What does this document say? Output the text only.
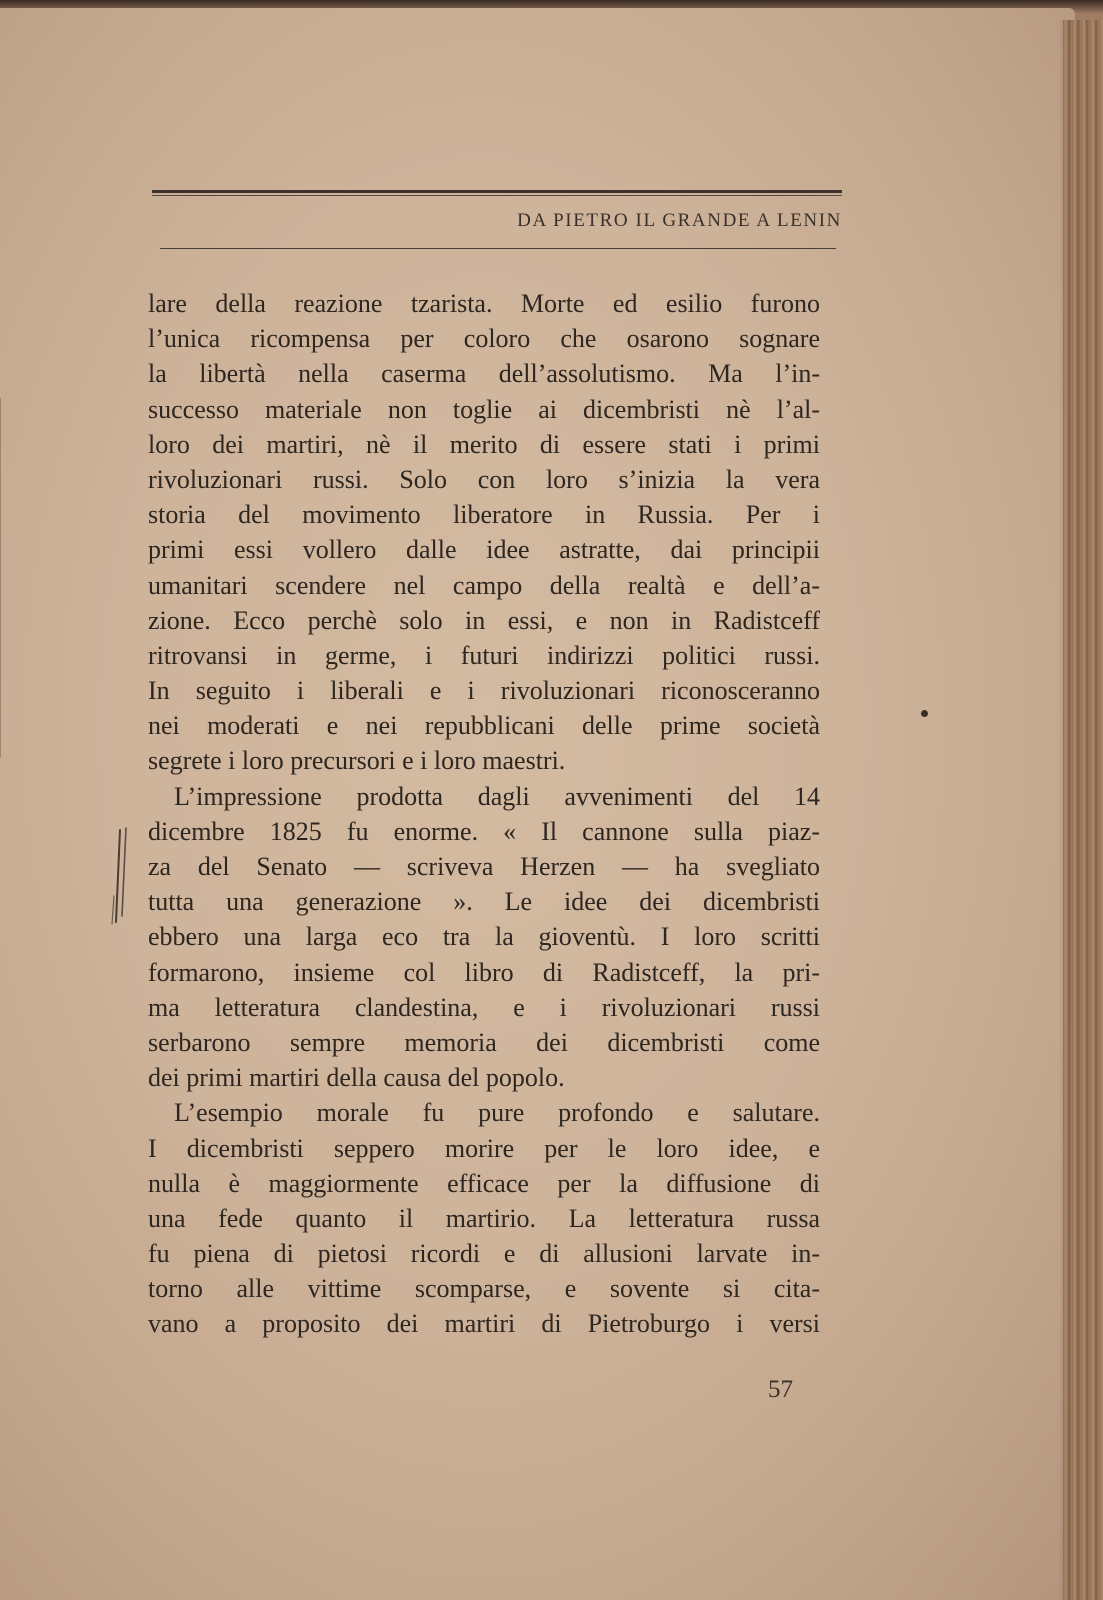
DA PIETRO IL GRANDE A LENIN
lare della reazione tzarista. Morte ed esilio furono
l’unica ricompensa per coloro che osarono sognare
la libertà nella caserma dell’assolutismo. Ma l’in-
successo materiale non toglie ai dicembristi nè l’al-
loro dei martiri, nè il merito di essere stati i primi
rivoluzionari russi. Solo con loro s’inizia la vera
storia del movimento liberatore in Russia. Per i
primi essi vollero dalle idee astratte, dai principii
umanitari scendere nel campo della realtà e dell’a-
zione. Ecco perchè solo in essi, e non in Radistceff
ritrovansi in germe, i futuri indirizzi politici russi.
In seguito i liberali e i rivoluzionari riconosceranno
nei moderati e nei repubblicani delle prime società
segrete i loro precursori e i loro maestri.
L’impressione prodotta dagli avvenimenti del 14
dicembre 1825 fu enorme. « Il cannone sulla piaz-
za del Senato — scriveva Herzen — ha svegliato
tutta una generazione ». Le idee dei dicembristi
ebbero una larga eco tra la gioventù. I loro scritti
formarono, insieme col libro di Radistceff, la pri-
ma letteratura clandestina, e i rivoluzionari russi
serbarono sempre memoria dei dicembristi come
dei primi martiri della causa del popolo.
L’esempio morale fu pure profondo e salutare.
I dicembristi seppero morire per le loro idee, e
nulla è maggiormente efficace per la diffusione di
una fede quanto il martirio. La letteratura russa
fu piena di pietosi ricordi e di allusioni larvate in-
torno alle vittime scomparse, e sovente si cita-
vano a proposito dei martiri di Pietroburgo i versi
57
